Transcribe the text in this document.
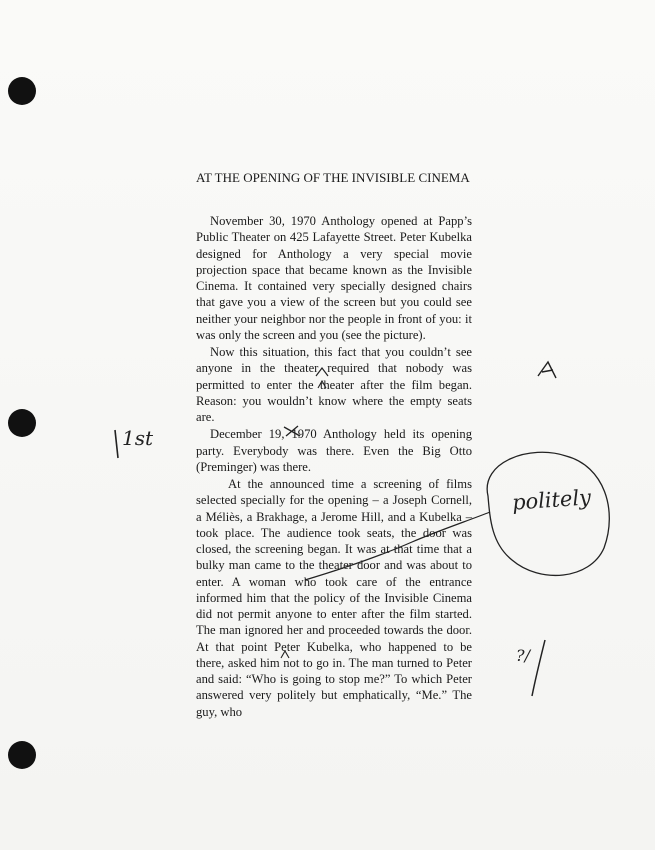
AT THE OPENING OF THE INVISIBLE CINEMA

November 30, 1970 Anthology opened at Papp’s Public Theater on 425 Lafayette Street. Peter Kubelka designed for Anthology a very special movie projection space that became known as the Invisible Cinema. It contained very specially designed chairs that gave you a view of the screen but you could see neither your neighbor nor the people in front of you: it was only the screen and you (see the picture).

Now this situation, this fact that you couldn’t see anyone in the theater required that nobody was permitted to enter the theater after the film began. Reason: you wouldn’t know where the empty seats are.

December 19, 1970 Anthology held its opening party. Everybody was there. Even the Big Otto (Preminger) was there.

At the announced time a screening of films selected specially for the opening – a Joseph Cornell, a Méliès, a Brakhage, a Jerome Hill, and a Kubelka – took place. The audience took seats, the door was closed, the screening began. It was at that time that a bulky man came to the theater door and was about to enter. A woman who took care of the entrance informed him that the policy of the Invisible Cinema did not permit anyone to enter after the film started. The man ignored her and proceeded towards the door. At that point Peter Kubelka, who happened to be there, asked him not to go in. The man turned to Peter and said: “Who is going to stop me?” To which Peter answered very politely but emphatically, “Me.” The guy, who

1st
politely
?/
